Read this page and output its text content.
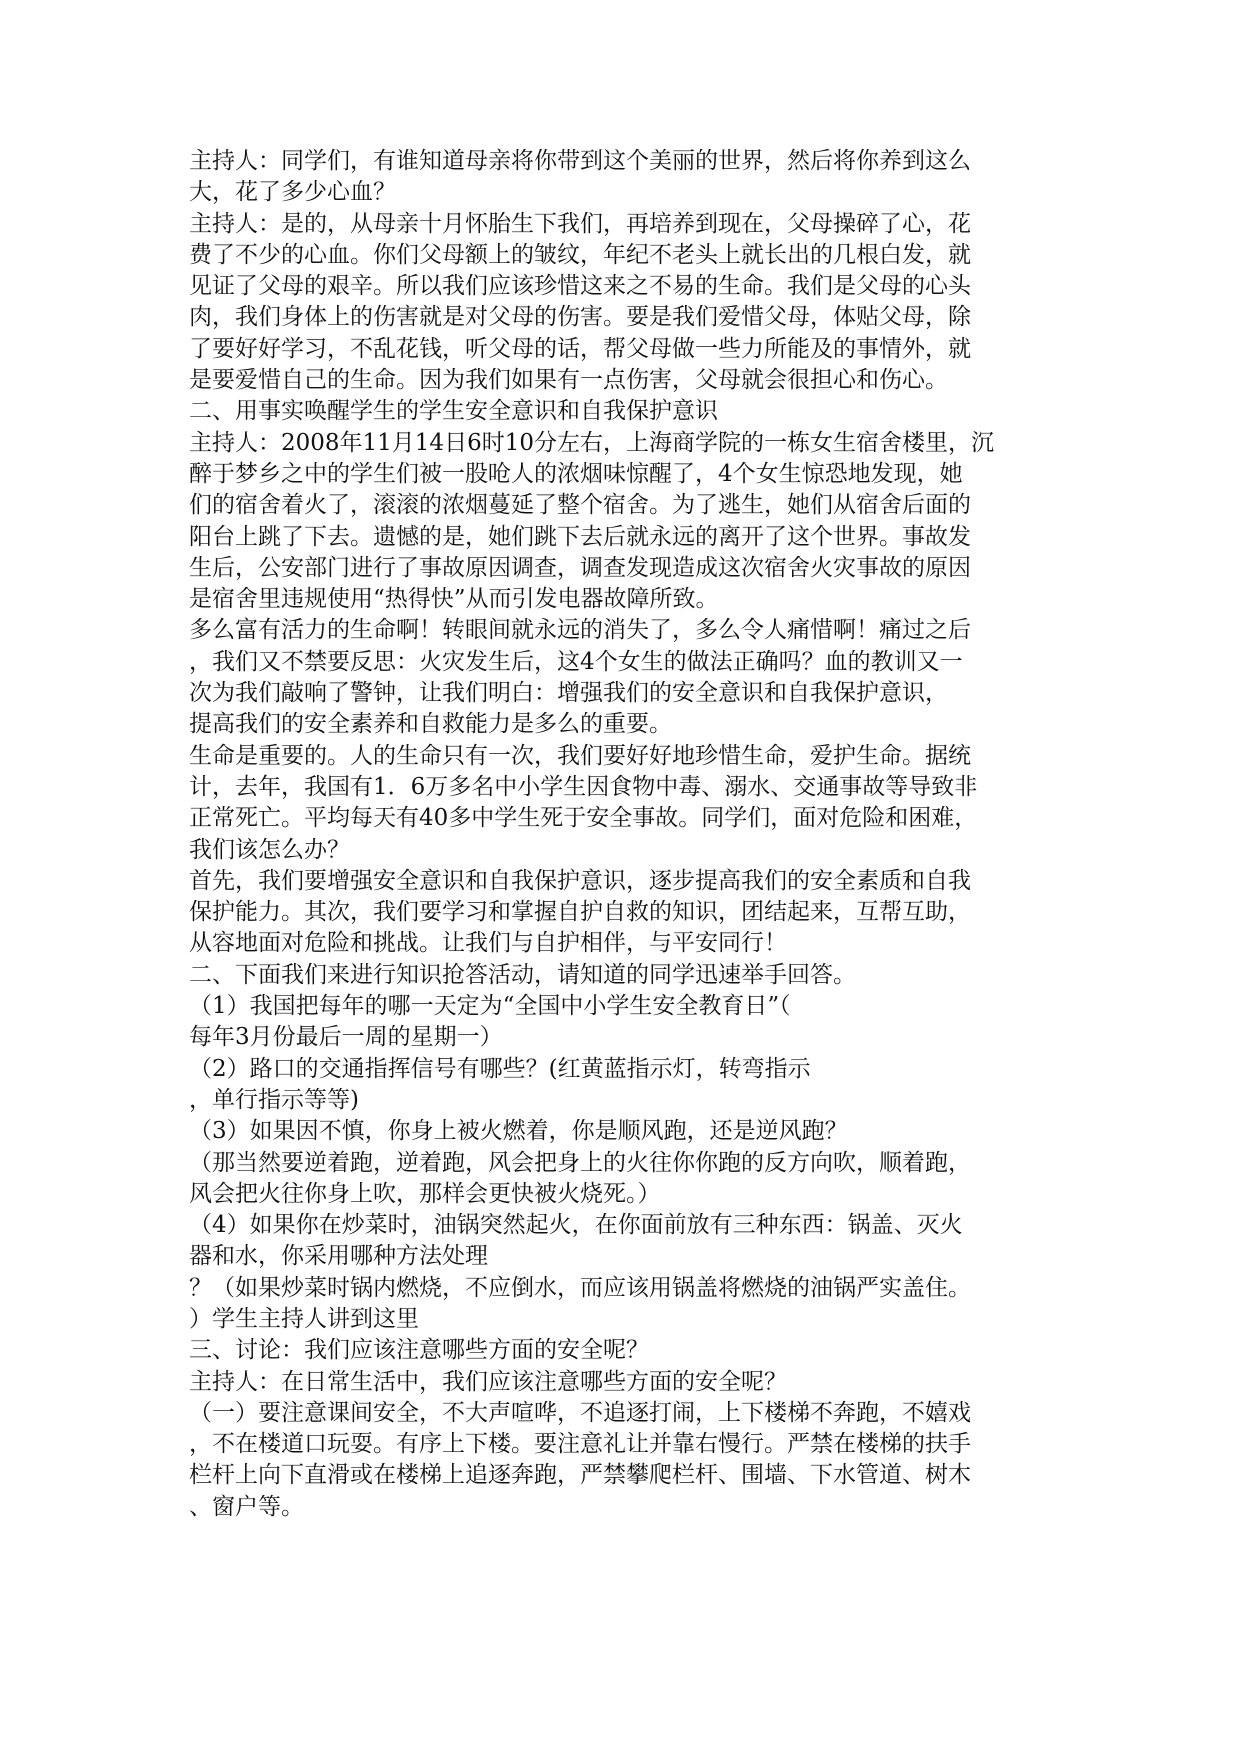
主持人：同学们，有谁知道母亲将你带到这个美丽的世界，然后将你养到这么
大，花了多少心血？
主持人：是的，从母亲十月怀胎生下我们，再培养到现在，父母操碎了心，花
费了不少的心血。你们父母额上的皱纹，年纪不老头上就长出的几根白发，就
见证了父母的艰辛。所以我们应该珍惜这来之不易的生命。我们是父母的心头
肉，我们身体上的伤害就是对父母的伤害。要是我们爱惜父母，体贴父母，除
了要好好学习，不乱花钱，听父母的话，帮父母做一些力所能及的事情外，就
是要爱惜自己的生命。因为我们如果有一点伤害，父母就会很担心和伤心。
二、用事实唤醒学生的学生安全意识和自我保护意识
主持人：2008年11月14日6时10分左右，上海商学院的一栋女生宿舍楼里，沉
醉于梦乡之中的学生们被一股呛人的浓烟味惊醒了，4个女生惊恐地发现，她
们的宿舍着火了，滚滚的浓烟蔓延了整个宿舍。为了逃生，她们从宿舍后面的
阳台上跳了下去。遗憾的是，她们跳下去后就永远的离开了这个世界。事故发
生后，公安部门进行了事故原因调查，调查发现造成这次宿舍火灾事故的原因
是宿舍里违规使用“热得快”从而引发电器故障所致。
多么富有活力的生命啊！转眼间就永远的消失了，多么令人痛惜啊！痛过之后
，我们又不禁要反思：火灾发生后，这4个女生的做法正确吗？血的教训又一
次为我们敲响了警钟，让我们明白：增强我们的安全意识和自我保护意识，
提高我们的安全素养和自救能力是多么的重要。
生命是重要的。人的生命只有一次，我们要好好地珍惜生命，爱护生命。据统
计，去年，我国有1．6万多名中小学生因食物中毒、溺水、交通事故等导致非
正常死亡。平均每天有40多中学生死于安全事故。同学们，面对危险和困难，
我们该怎么办？
首先，我们要增强安全意识和自我保护意识，逐步提高我们的安全素质和自我
保护能力。其次，我们要学习和掌握自护自救的知识，团结起来，互帮互助，
从容地面对危险和挑战。让我们与自护相伴，与平安同行！
二、下面我们来进行知识抢答活动，请知道的同学迅速举手回答。
（1）我国把每年的哪一天定为“全国中小学生安全教育日”（
每年3月份最后一周的星期一）
（2）路口的交通指挥信号有哪些？(红黄蓝指示灯，转弯指示
，单行指示等等)
（3）如果因不慎，你身上被火燃着，你是顺风跑，还是逆风跑？
（那当然要逆着跑，逆着跑，风会把身上的火往你你跑的反方向吹，顺着跑，
风会把火往你身上吹，那样会更快被火烧死。）
（4）如果你在炒菜时，油锅突然起火，在你面前放有三种东西：锅盖、灭火
器和水，你采用哪种方法处理
？（如果炒菜时锅内燃烧，不应倒水，而应该用锅盖将燃烧的油锅严实盖住。
）学生主持人讲到这里
三、讨论：我们应该注意哪些方面的安全呢？
主持人：在日常生活中，我们应该注意哪些方面的安全呢？
（一）要注意课间安全，不大声喧哗，不追逐打闹，上下楼梯不奔跑，不嬉戏
，不在楼道口玩耍。有序上下楼。要注意礼让并靠右慢行。严禁在楼梯的扶手
栏杆上向下直滑或在楼梯上追逐奔跑，严禁攀爬栏杆、围墙、下水管道、树木
、窗户等。
